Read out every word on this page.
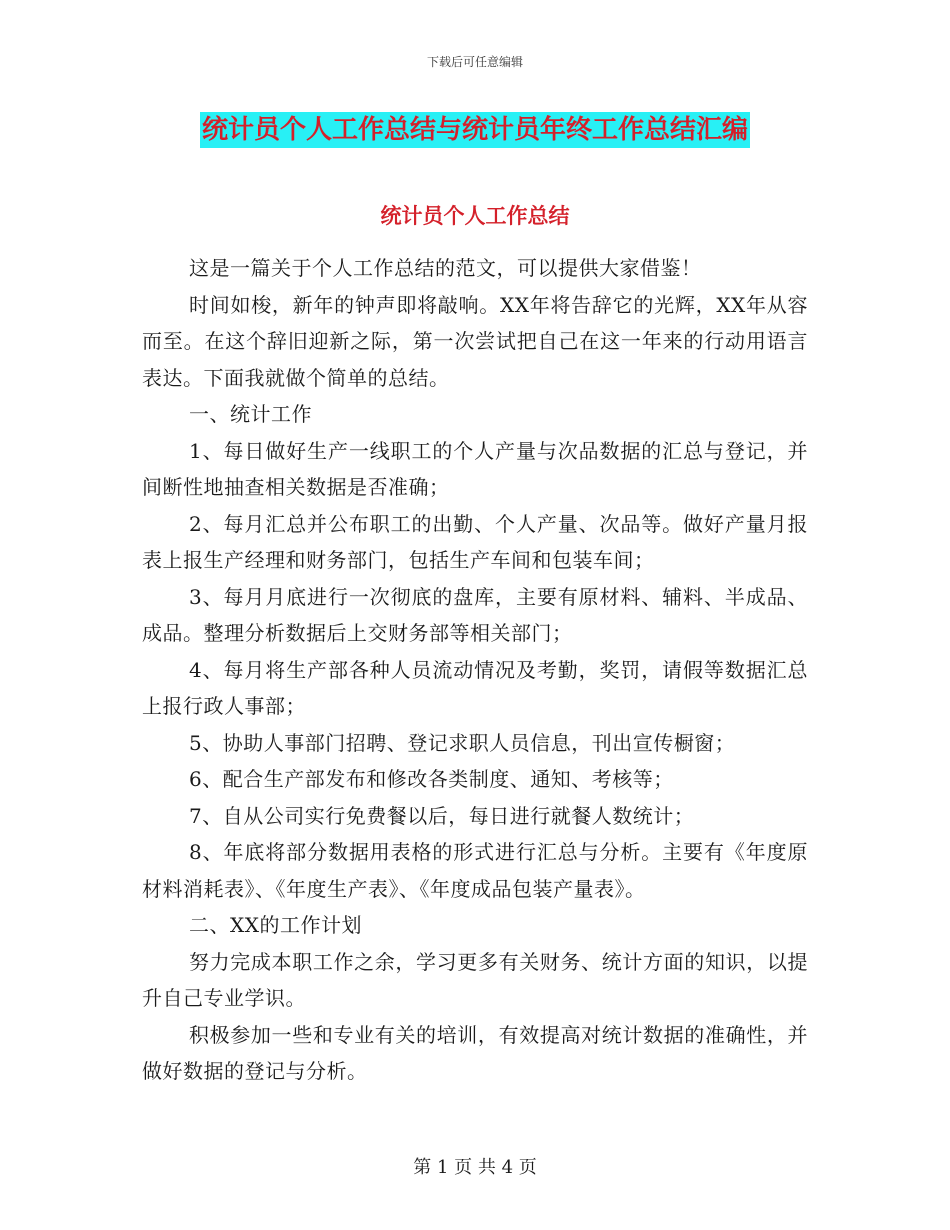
下载后可任意编辑
统计员个人工作总结与统计员年终工作总结汇编
统计员个人工作总结

这是一篇关于个人工作总结的范文，可以提供大家借鉴！

时间如梭，新年的钟声即将敲响。XX年将告辞它的光辉，XX年从容而至。在这个辞旧迎新之际，第一次尝试把自己在这一年来的行动用语言表达。下面我就做个简单的总结。

一、统计工作

1、每日做好生产一线职工的个人产量与次品数据的汇总与登记，并间断性地抽查相关数据是否准确；

2、每月汇总并公布职工的出勤、个人产量、次品等。做好产量月报表上报生产经理和财务部门，包括生产车间和包装车间；

3、每月月底进行一次彻底的盘库，主要有原材料、辅料、半成品、成品。整理分析数据后上交财务部等相关部门；

4、每月将生产部各种人员流动情况及考勤，奖罚，请假等数据汇总上报行政人事部；

5、协助人事部门招聘、登记求职人员信息，刊出宣传橱窗；

6、配合生产部发布和修改各类制度、通知、考核等；

7、自从公司实行免费餐以后，每日进行就餐人数统计；

8、年底将部分数据用表格的形式进行汇总与分析。主要有《年度原材料消耗表》、《年度生产表》、《年度成品包装产量表》。

二、XX的工作计划

努力完成本职工作之余，学习更多有关财务、统计方面的知识，以提升自己专业学识。

积极参加一些和专业有关的培训，有效提高对统计数据的准确性，并做好数据的登记与分析。

第 1 页 共 4 页
